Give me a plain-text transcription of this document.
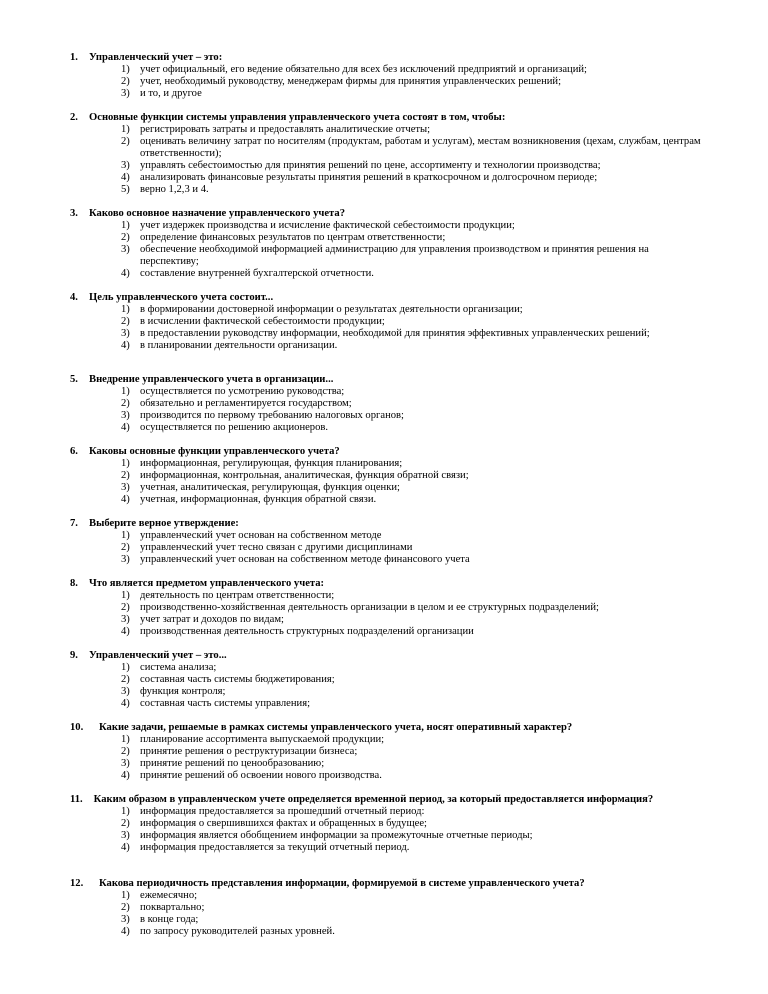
1. Управленческий учет – это:

1) учет официальный, его ведение обязательно для всех без исключений предприятий и организаций;
2) учет, необходимый руководству, менеджерам фирмы для принятия управленческих решений;
3) и то, и другое

2. Основные функции системы управления управленческого учета состоят в том, чтобы:

1) регистрировать затраты и предоставлять аналитические отчеты;
2) оценивать величину затрат по носителям (продуктам, работам и услугам), местам возникновения (цехам, службам, центрам ответственности);
3) управлять себестоимостью для принятия решений по цене, ассортименту и технологии производства;
4) анализировать финансовые результаты принятия решений в краткосрочном и долгосрочном периоде;
5) верно 1,2,3 и 4.

3. Каково основное назначение управленческого учета?

1) учет издержек производства и исчисление фактической себестоимости продукции;
2) определение финансовых результатов по центрам ответственности;
3) обеспечение необходимой информацией администрацию для управления производством и принятия решения на перспективу;
4) составление внутренней бухгалтерской отчетности.

4. Цель управленческого учета состоит...

1) в формировании достоверной информации о результатах деятельности организации;
2) в исчислении фактической себестоимости продукции;
3) в предоставлении руководству информации, необходимой для принятия эффективных управленческих решений;
4) в планировании деятельности организации.

5. Внедрение управленческого учета в организации...

1) осуществляется по усмотрению руководства;
2) обязательно и регламентируется государством;
3) производится по первому требованию налоговых органов;
4) осуществляется по решению акционеров.

6. Каковы основные функции управленческого учета?

1) информационная, регулирующая, функция планирования;
2) информационная, контрольная, аналитическая, функция обратной связи;
3) учетная, аналитическая, регулирующая, функция оценки;
4) учетная, информационная, функция обратной связи.

7. Выберите верное утверждение:

1) управленческий учет основан на собственном методе
2) управленческий учет тесно связан с другими дисциплинами
3) управленческий учет основан на собственном методе финансового учета

8. Что является предметом управленческого учета:

1) деятельность по центрам ответственности;
2) производственно-хозяйственная деятельность организации в целом и ее структурных подразделений;
3) учет затрат и доходов по видам;
4) производственная деятельность структурных подразделений организации

9. Управленческий учет – это...

1) система анализа;
2) составная часть системы бюджетирования;
3) функция контроля;
4) составная часть системы управления;

10. Какие задачи, решаемые в рамках системы управленческого учета, носят оперативный характер?

1) планирование ассортимента выпускаемой продукции;
2) принятие решения о реструктуризации бизнеса;
3) принятие решений по ценообразованию;
4) принятие решений об освоении нового производства.

11. Каким образом в управленческом учете определяется временной период, за который предоставляется информация?

1) информация предоставляется за прошедший отчетный период:
2) информация о свершившихся фактах и обращенных в будущее;
3) информация является обобщением информации за промежуточные отчетные периоды;
4) информация предоставляется за текущий отчетный период.

12. Какова периодичность представления информации, формируемой в системе управленческого учета?

1) ежемесячно;
2) поквартально;
3) в конце года;
4) по запросу руководителей разных уровней.
